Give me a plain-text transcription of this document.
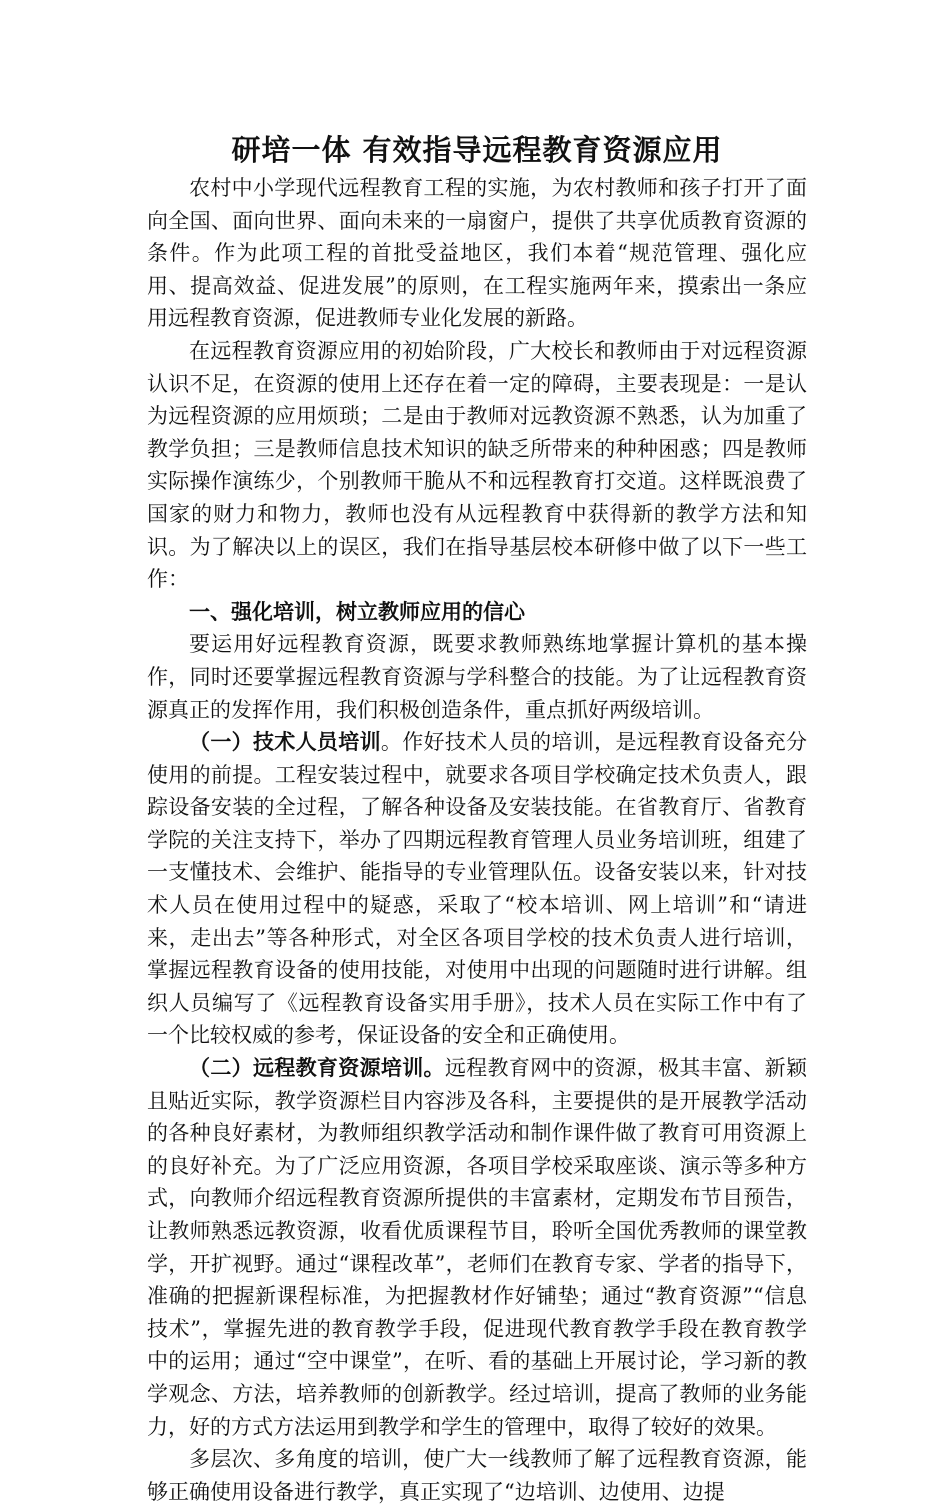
研培一体 有效指导远程教育资源应用

农村中小学现代远程教育工程的实施，为农村教师和孩子打开了面向全国、面向世界、面向未来的一扇窗户，提供了共享优质教育资源的条件。作为此项工程的首批受益地区，我们本着“规范管理、强化应用、提高效益、促进发展”的原则，在工程实施两年来，摸索出一条应用远程教育资源，促进教师专业化发展的新路。

在远程教育资源应用的初始阶段，广大校长和教师由于对远程资源认识不足，在资源的使用上还存在着一定的障碍，主要表现是：一是认为远程资源的应用烦琐；二是由于教师对远教资源不熟悉，认为加重了教学负担；三是教师信息技术知识的缺乏所带来的种种困惑；四是教师实际操作演练少，个别教师干脆从不和远程教育打交道。这样既浪费了国家的财力和物力，教师也没有从远程教育中获得新的教学方法和知识。为了解决以上的误区，我们在指导基层校本研修中做了以下一些工作：

一、强化培训，树立教师应用的信心

要运用好远程教育资源，既要求教师熟练地掌握计算机的基本操作，同时还要掌握远程教育资源与学科整合的技能。为了让远程教育资源真正的发挥作用，我们积极创造条件，重点抓好两级培训。

（一）技术人员培训。作好技术人员的培训，是远程教育设备充分使用的前提。工程安装过程中，就要求各项目学校确定技术负责人，跟踪设备安装的全过程，了解各种设备及安装技能。在省教育厅、省教育学院的关注支持下，举办了四期远程教育管理人员业务培训班，组建了一支懂技术、会维护、能指导的专业管理队伍。设备安装以来，针对技术人员在使用过程中的疑惑，采取了“校本培训、网上培训”和“请进来，走出去”等各种形式，对全区各项目学校的技术负责人进行培训，掌握远程教育设备的使用技能，对使用中出现的问题随时进行讲解。组织人员编写了《远程教育设备实用手册》，技术人员在实际工作中有了一个比较权威的参考，保证设备的安全和正确使用。

（二）远程教育资源培训。远程教育网中的资源，极其丰富、新颖且贴近实际，教学资源栏目内容涉及各科，主要提供的是开展教学活动的各种良好素材，为教师组织教学活动和制作课件做了教育可用资源上的良好补充。为了广泛应用资源，各项目学校采取座谈、演示等多种方式，向教师介绍远程教育资源所提供的丰富素材，定期发布节目预告，让教师熟悉远教资源，收看优质课程节目，聆听全国优秀教师的课堂教学，开扩视野。通过“课程改革”，老师们在教育专家、学者的指导下，准确的把握新课程标准，为把握教材作好铺垫；通过“教育资源”“信息技术”，掌握先进的教育教学手段，促进现代教育教学手段在教育教学中的运用；通过“空中课堂”，在听、看的基础上开展讨论，学习新的教学观念、方法，培养教师的创新教学。经过培训，提高了教师的业务能力，好的方式方法运用到教学和学生的管理中，取得了较好的效果。

多层次、多角度的培训，使广大一线教师了解了远程教育资源，能够正确使用设备进行教学，真正实现了“边培训、边使用、边提
